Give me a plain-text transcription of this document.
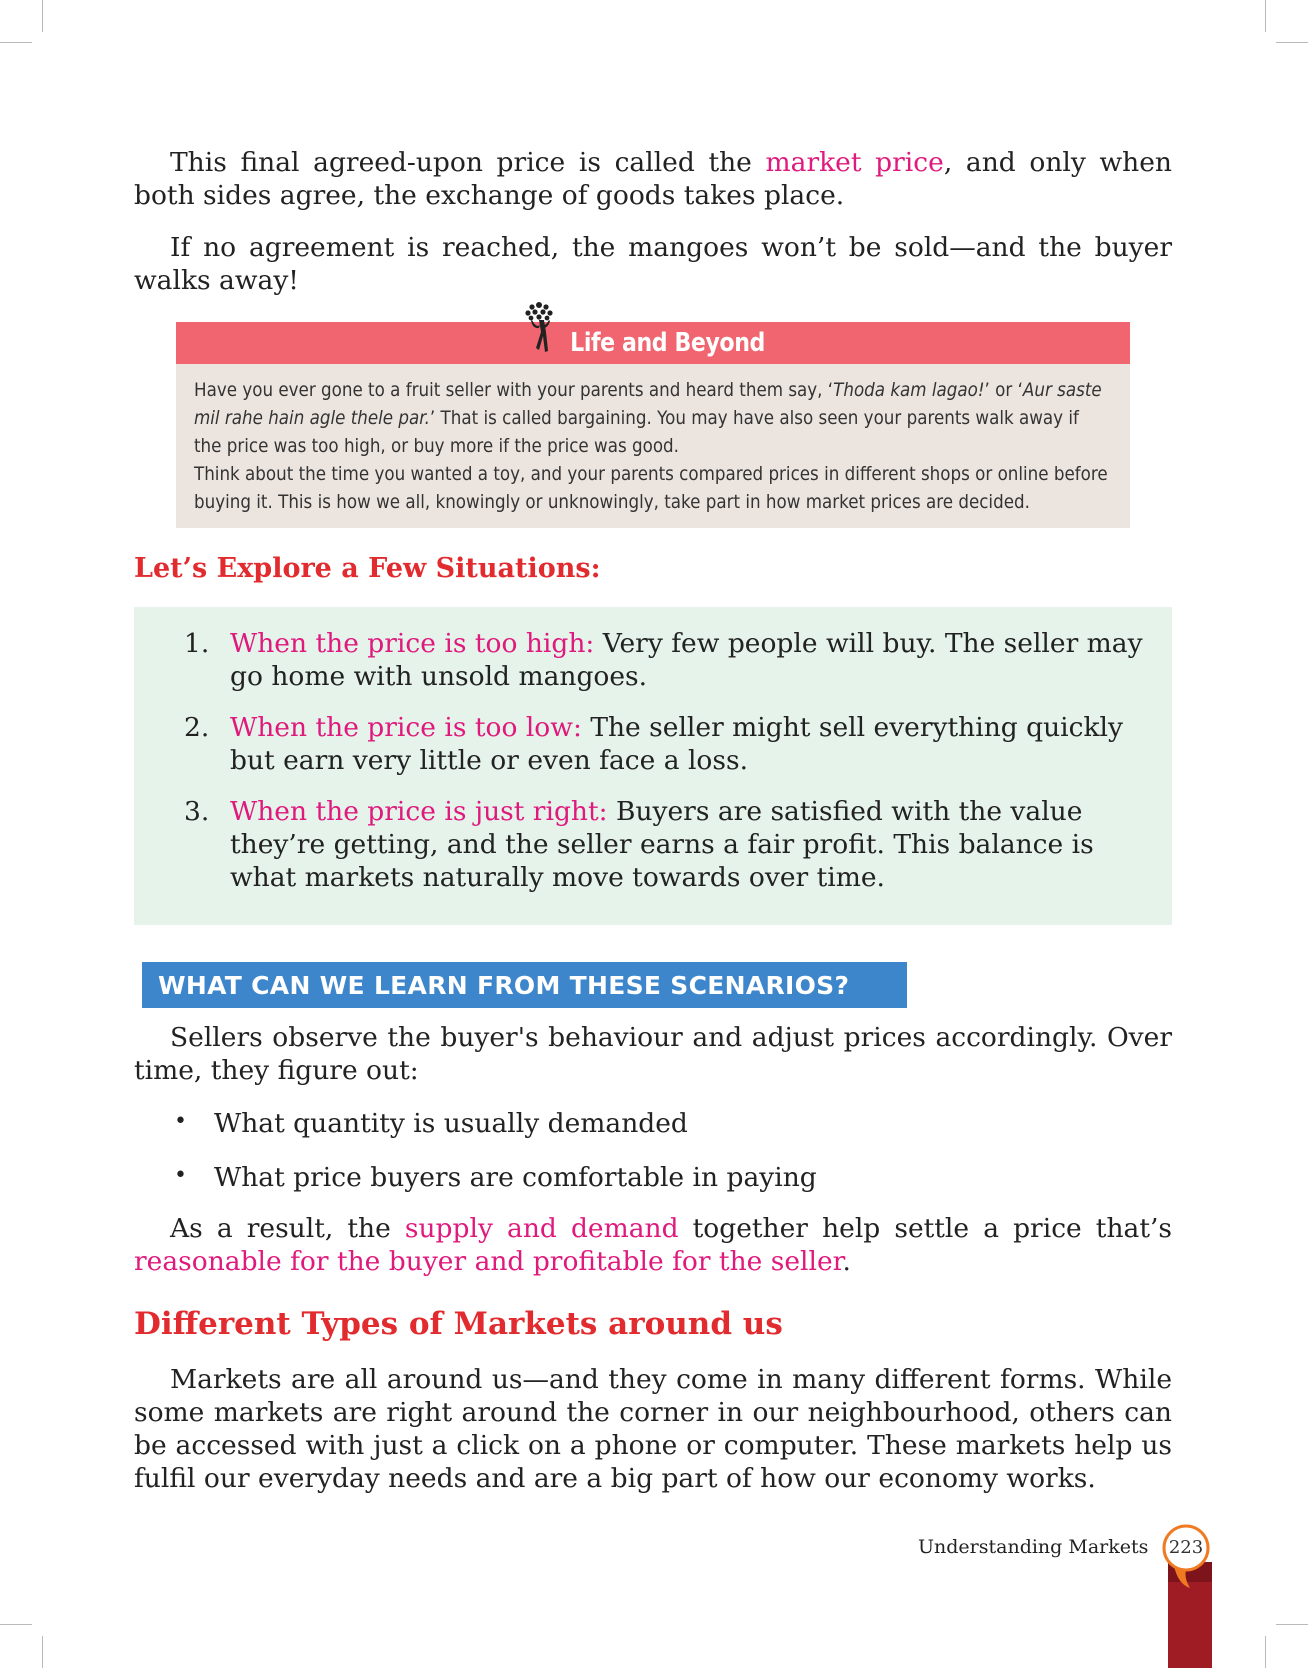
This final agreed-upon price is called the market price, and only when both sides agree, the exchange of goods takes place.

If no agreement is reached, the mangoes won’t be sold—and the buyer walks away!

Life and Beyond
Have you ever gone to a fruit seller with your parents and heard them say, ‘Thoda kam lagao!’ or ‘Aur saste mil rahe hain agle thele par.’ That is called bargaining. You may have also seen your parents walk away if the price was too high, or buy more if the price was good.
Think about the time you wanted a toy, and your parents compared prices in different shops or online before buying it. This is how we all, knowingly or unknowingly, take part in how market prices are decided.
Let’s Explore a Few Situations:
1. When the price is too high: Very few people will buy. The seller may go home with unsold mangoes.
2. When the price is too low: The seller might sell everything quickly but earn very little or even face a loss.
3. When the price is just right: Buyers are satisfied with the value they’re getting, and the seller earns a fair profit. This balance is what markets naturally move towards over time.
WHAT CAN WE LEARN FROM THESE SCENARIOS?

Sellers observe the buyer's behaviour and adjust prices accordingly. Over time, they figure out:

• What quantity is usually demanded
• What price buyers are comfortable in paying

As a result, the supply and demand together help settle a price that’s reasonable for the buyer and profitable for the seller.

Different Types of Markets around us

Markets are all around us—and they come in many different forms. While some markets are right around the corner in our neighbourhood, others can be accessed with just a click on a phone or computer. These markets help us fulfil our everyday needs and are a big part of how our economy works.

Understanding Markets 223
